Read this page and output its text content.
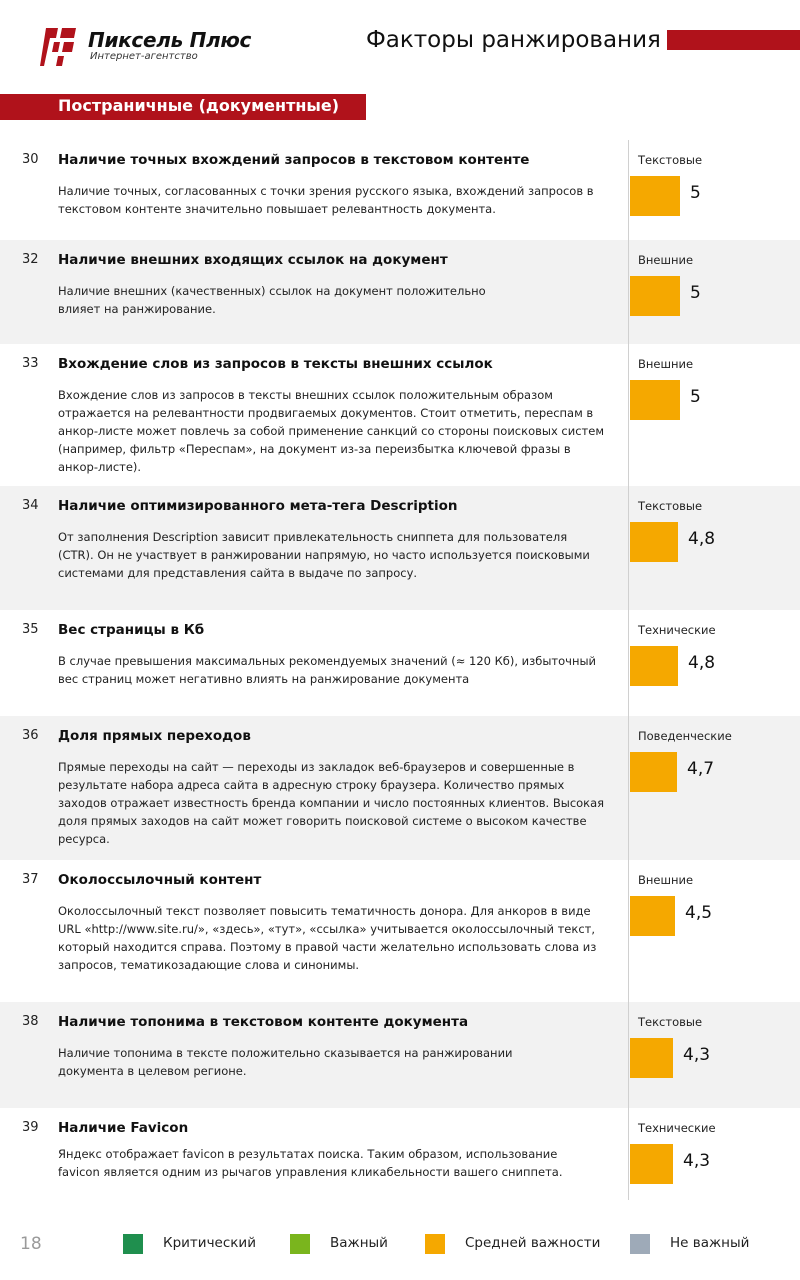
Пиксель Плюс
Интернет-агентство
Факторы ранжирования
Постраничные (документные)
30 Наличие точных вхождений запросов в текстовом контенте
Наличие точных, согласованных с точки зрения русского языка, вхождений запросов в текстовом контенте значительно повышает релевантность документа.
Текстовые
5
32 Наличие внешних входящих ссылок на документ
Наличие внешних (качественных) ссылок на документ положительно влияет на ранжирование.
Внешние
5
33 Вхождение слов из запросов в тексты внешних ссылок
Вхождение слов из запросов в тексты внешних ссылок положительным образом отражается на релевантности продвигаемых документов. Стоит отметить, переспам в анкор-листе может повлечь за собой применение санкций со стороны поисковых систем (например, фильтр «Переспам», на документ из-за переизбытка ключевой фразы в анкор-листе).
Внешние
5
34 Наличие оптимизированного мета-тега Description
От заполнения Description зависит привлекательность сниппета для пользователя (CTR). Он не участвует в ранжировании напрямую, но часто используется поисковыми системами для представления сайта в выдаче по запросу.
Текстовые
4,8
35 Вес страницы в Кб
В случае превышения максимальных рекомендуемых значений (≈ 120 Кб), избыточный вес страниц может негативно влиять на ранжирование документа
Технические
4,8
36 Доля прямых переходов
Прямые переходы на сайт — переходы из закладок веб-браузеров и совершенные в результате набора адреса сайта в адресную строку браузера. Количество прямых заходов отражает известность бренда компании и число постоянных клиентов. Высокая доля прямых заходов на сайт может говорить поисковой системе о высоком качестве ресурса.
Поведенческие
4,7
37 Околоссылочный контент
Околоссылочный текст позволяет повысить тематичность донора. Для анкоров в виде URL «http://www.site.ru/», «здесь», «тут», «ссылка» учитывается околоссылочный текст, который находится справа. Поэтому в правой части желательно использовать слова из запросов, тематикозадающие слова и синонимы.
Внешние
4,5
38 Наличие топонима в текстовом контенте документа
Наличие топонима в тексте положительно сказывается на ранжировании документа в целевом регионе.
Текстовые
4,3
39 Наличие Favicon
Яндекс отображает favicon в результатах поиска. Таким образом, использование favicon является одним из рычагов управления кликабельности вашего сниппета.
Технические
4,3
18	Критический	Важный	Средней важности	Не важный
